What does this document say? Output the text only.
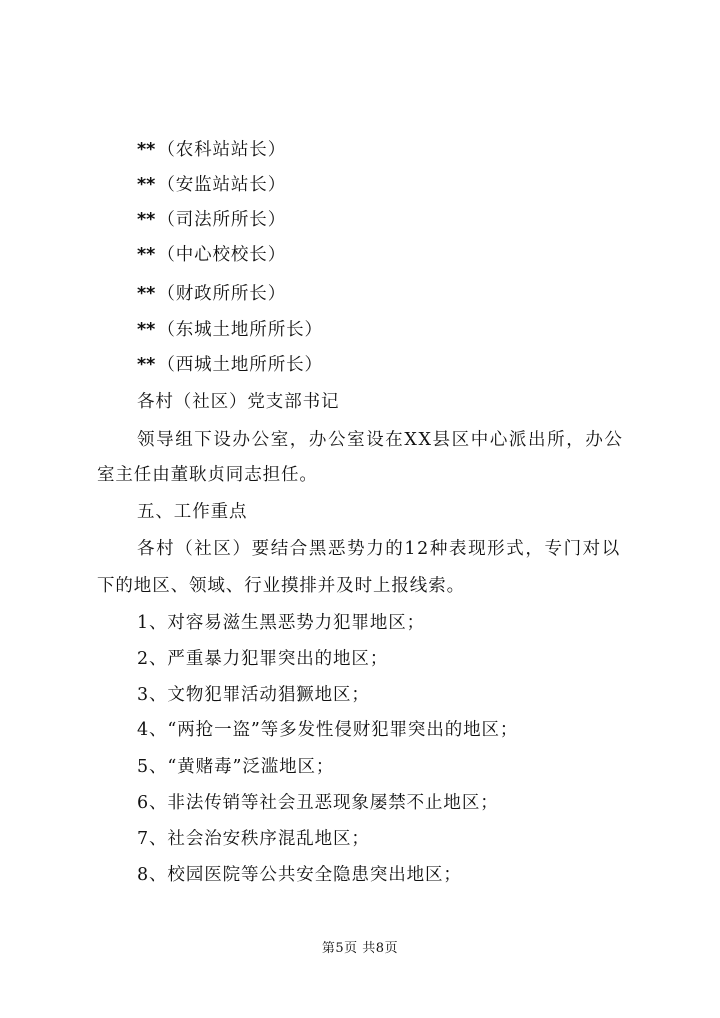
** （农科站站长）
** （安监站站长）
** （司法所所长）
** （中心校校长）
** （财政所所长）
** （东城土地所所长）
** （西城土地所所长）
各村（社区）党支部书记
领导组下设办公室，办公室设在XX县区中心派出所，办公
室主任由董耿贞同志担任。
五、工作重点
各村（社区）要结合黑恶势力的12种表现形式，专门对以
下的地区、领域、行业摸排并及时上报线索。
1、对容易滋生黑恶势力犯罪地区；
2、严重暴力犯罪突出的地区；
3、文物犯罪活动猖獗地区；
4、“两抢一盗”等多发性侵财犯罪突出的地区；
5、“黄赌毒”泛滥地区；
6、非法传销等社会丑恶现象屡禁不止地区；
7、社会治安秩序混乱地区；
8、校园医院等公共安全隐患突出地区；
第5页 共8页
